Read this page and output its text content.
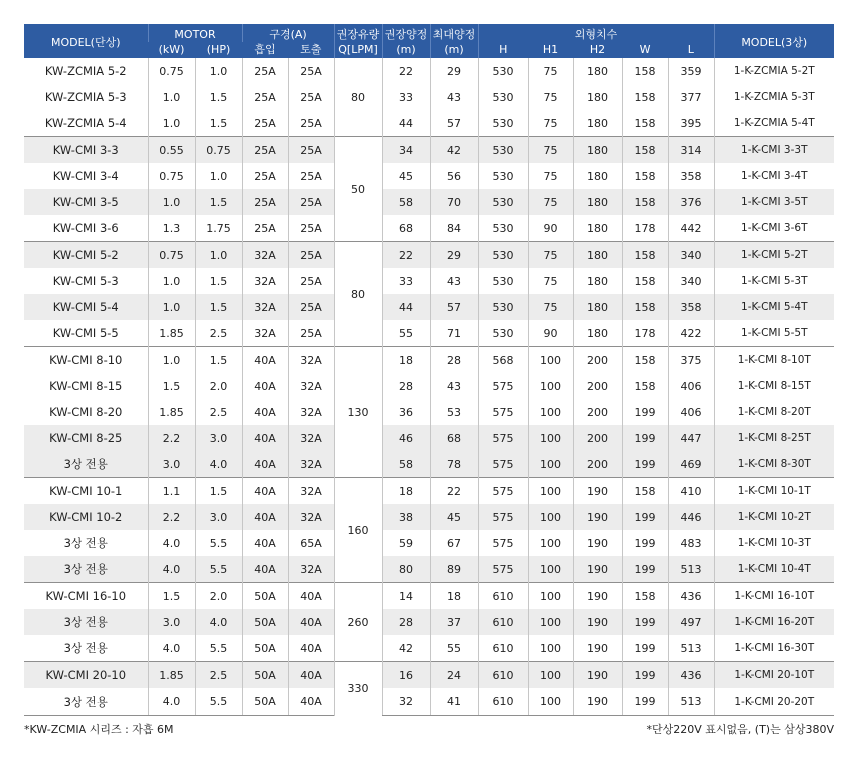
MODEL(단상)	MOTOR		구경(A)		권장유량	권장양정	최대양정	외형치수					MODEL(3상)
	(kW)	(HP)	흡입	토출	Q[LPM]	(m)	(m)	H	H1	H2	W	L	
KW-ZCMIA 5-2	0.75	1.0	25A	25A	80	22	29	530	75	180	158	359	1-K-ZCMIA 5-2T
KW-ZCMIA 5-3	1.0	1.5	25A	25A		33	43	530	75	180	158	377	1-K-ZCMIA 5-3T
KW-ZCMIA 5-4	1.0	1.5	25A	25A		44	57	530	75	180	158	395	1-K-ZCMIA 5-4T
KW-CMI 3-3	0.55	0.75	25A	25A	50	34	42	530	75	180	158	314	1-K-CMI 3-3T
KW-CMI 3-4	0.75	1.0	25A	25A		45	56	530	75	180	158	358	1-K-CMI 3-4T
KW-CMI 3-5	1.0	1.5	25A	25A		58	70	530	75	180	158	376	1-K-CMI 3-5T
KW-CMI 3-6	1.3	1.75	25A	25A		68	84	530	90	180	178	442	1-K-CMI 3-6T
KW-CMI 5-2	0.75	1.0	32A	25A	80	22	29	530	75	180	158	340	1-K-CMI 5-2T
KW-CMI 5-3	1.0	1.5	32A	25A		33	43	530	75	180	158	340	1-K-CMI 5-3T
KW-CMI 5-4	1.0	1.5	32A	25A		44	57	530	75	180	158	358	1-K-CMI 5-4T
KW-CMI 5-5	1.85	2.5	32A	25A		55	71	530	90	180	178	422	1-K-CMI 5-5T
KW-CMI 8-10	1.0	1.5	40A	32A	130	18	28	568	100	200	158	375	1-K-CMI 8-10T
KW-CMI 8-15	1.5	2.0	40A	32A		28	43	575	100	200	158	406	1-K-CMI 8-15T
KW-CMI 8-20	1.85	2.5	40A	32A		36	53	575	100	200	199	406	1-K-CMI 8-20T
KW-CMI 8-25	2.2	3.0	40A	32A		46	68	575	100	200	199	447	1-K-CMI 8-25T
3상 전용	3.0	4.0	40A	32A		58	78	575	100	200	199	469	1-K-CMI 8-30T
KW-CMI 10-1	1.1	1.5	40A	32A	160	18	22	575	100	190	158	410	1-K-CMI 10-1T
KW-CMI 10-2	2.2	3.0	40A	32A		38	45	575	100	190	199	446	1-K-CMI 10-2T
3상 전용	4.0	5.5	40A	65A		59	67	575	100	190	199	483	1-K-CMI 10-3T
3상 전용	4.0	5.5	40A	32A		80	89	575	100	190	199	513	1-K-CMI 10-4T
KW-CMI 16-10	1.5	2.0	50A	40A	260	14	18	610	100	190	158	436	1-K-CMI 16-10T
3상 전용	3.0	4.0	50A	40A		28	37	610	100	190	199	497	1-K-CMI 16-20T
3상 전용	4.0	5.5	50A	40A		42	55	610	100	190	199	513	1-K-CMI 16-30T
KW-CMI 20-10	1.85	2.5	50A	40A	330	16	24	610	100	190	199	436	1-K-CMI 20-10T
3상 전용	4.0	5.5	50A	40A		32	41	610	100	190	199	513	1-K-CMI 20-20T
*KW-ZCMIA 시리즈 : 자흡 6M	*단상220V 표시없음, (T)는 삼상380V
